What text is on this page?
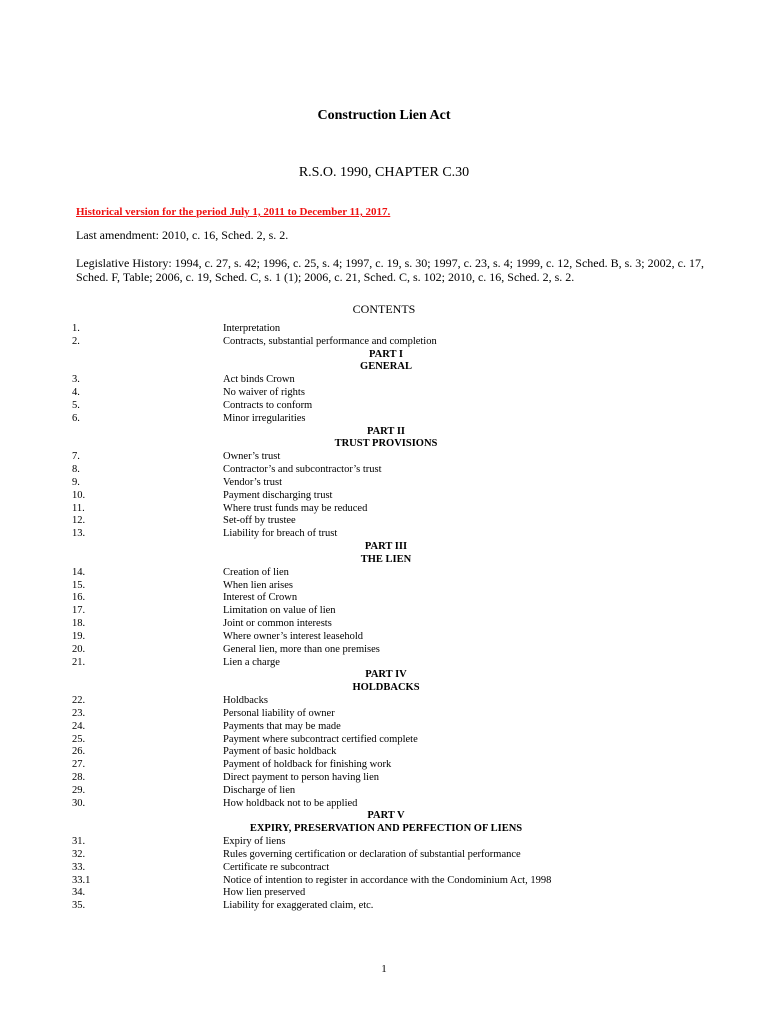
Construction Lien Act
R.S.O. 1990, CHAPTER C.30
Historical version for the period July 1, 2011 to December 11, 2017.
Last amendment: 2010, c. 16, Sched. 2, s. 2.
Legislative History: 1994, c. 27, s. 42; 1996, c. 25, s. 4; 1997, c. 19, s. 30; 1997, c. 23, s. 4; 1999, c. 12, Sched. B, s. 3; 2002, c. 17, Sched. F, Table; 2006, c. 19, Sched. C, s. 1 (1); 2006, c. 21, Sched. C, s. 102; 2010, c. 16, Sched. 2, s. 2.
CONTENTS
1.	Interpretation
2.	Contracts, substantial performance and completion
PART I
GENERAL
3.	Act binds Crown
4.	No waiver of rights
5.	Contracts to conform
6.	Minor irregularities
PART II
TRUST PROVISIONS
7.	Owner’s trust
8.	Contractor’s and subcontractor’s trust
9.	Vendor’s trust
10.	Payment discharging trust
11.	Where trust funds may be reduced
12.	Set-off by trustee
13.	Liability for breach of trust
PART III
THE LIEN
14.	Creation of lien
15.	When lien arises
16.	Interest of Crown
17.	Limitation on value of lien
18.	Joint or common interests
19.	Where owner’s interest leasehold
20.	General lien, more than one premises
21.	Lien a charge
PART IV
HOLDBACKS
22.	Holdbacks
23.	Personal liability of owner
24.	Payments that may be made
25.	Payment where subcontract certified complete
26.	Payment of basic holdback
27.	Payment of holdback for finishing work
28.	Direct payment to person having lien
29.	Discharge of lien
30.	How holdback not to be applied
PART V
EXPIRY, PRESERVATION AND PERFECTION OF LIENS
31.	Expiry of liens
32.	Rules governing certification or declaration of substantial performance
33.	Certificate re subcontract
33.1	Notice of intention to register in accordance with the Condominium Act, 1998
34.	How lien preserved
35.	Liability for exaggerated claim, etc.
1
